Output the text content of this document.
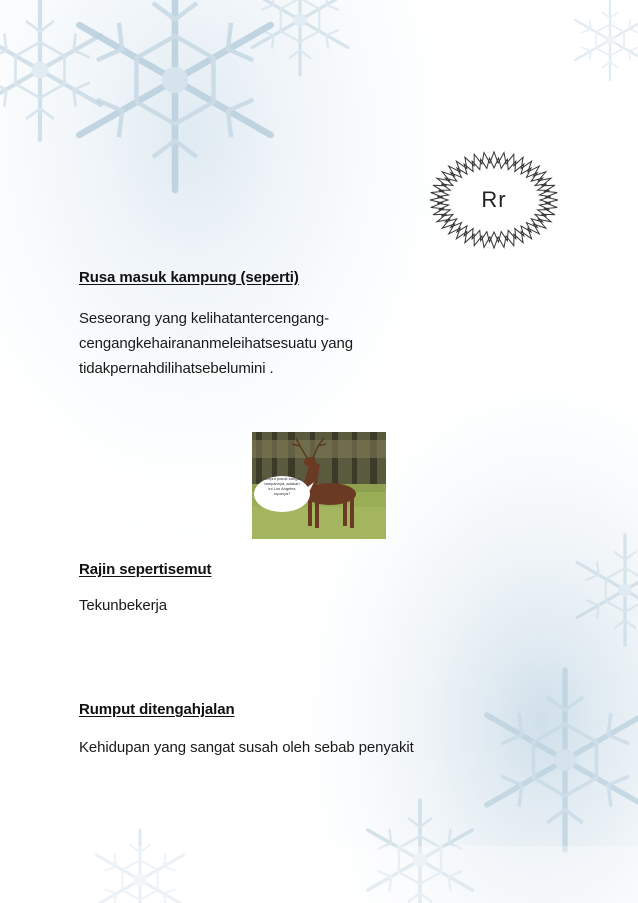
Rr
Rusa masuk kampung (seperti)

Seseorang yang kelihatantercengang-
cengangkehairananmeleihatsesuatu yang
tidakpernahdilihatsebelumini .

rumput pokok sangat
tampannya, adakah
ini Los Angeles
rupanya?
Rajin sepertisemut

Tekunbekerja

Rumput ditengahjalan

Kehidupan yang sangat susah oleh sebab penyakit
